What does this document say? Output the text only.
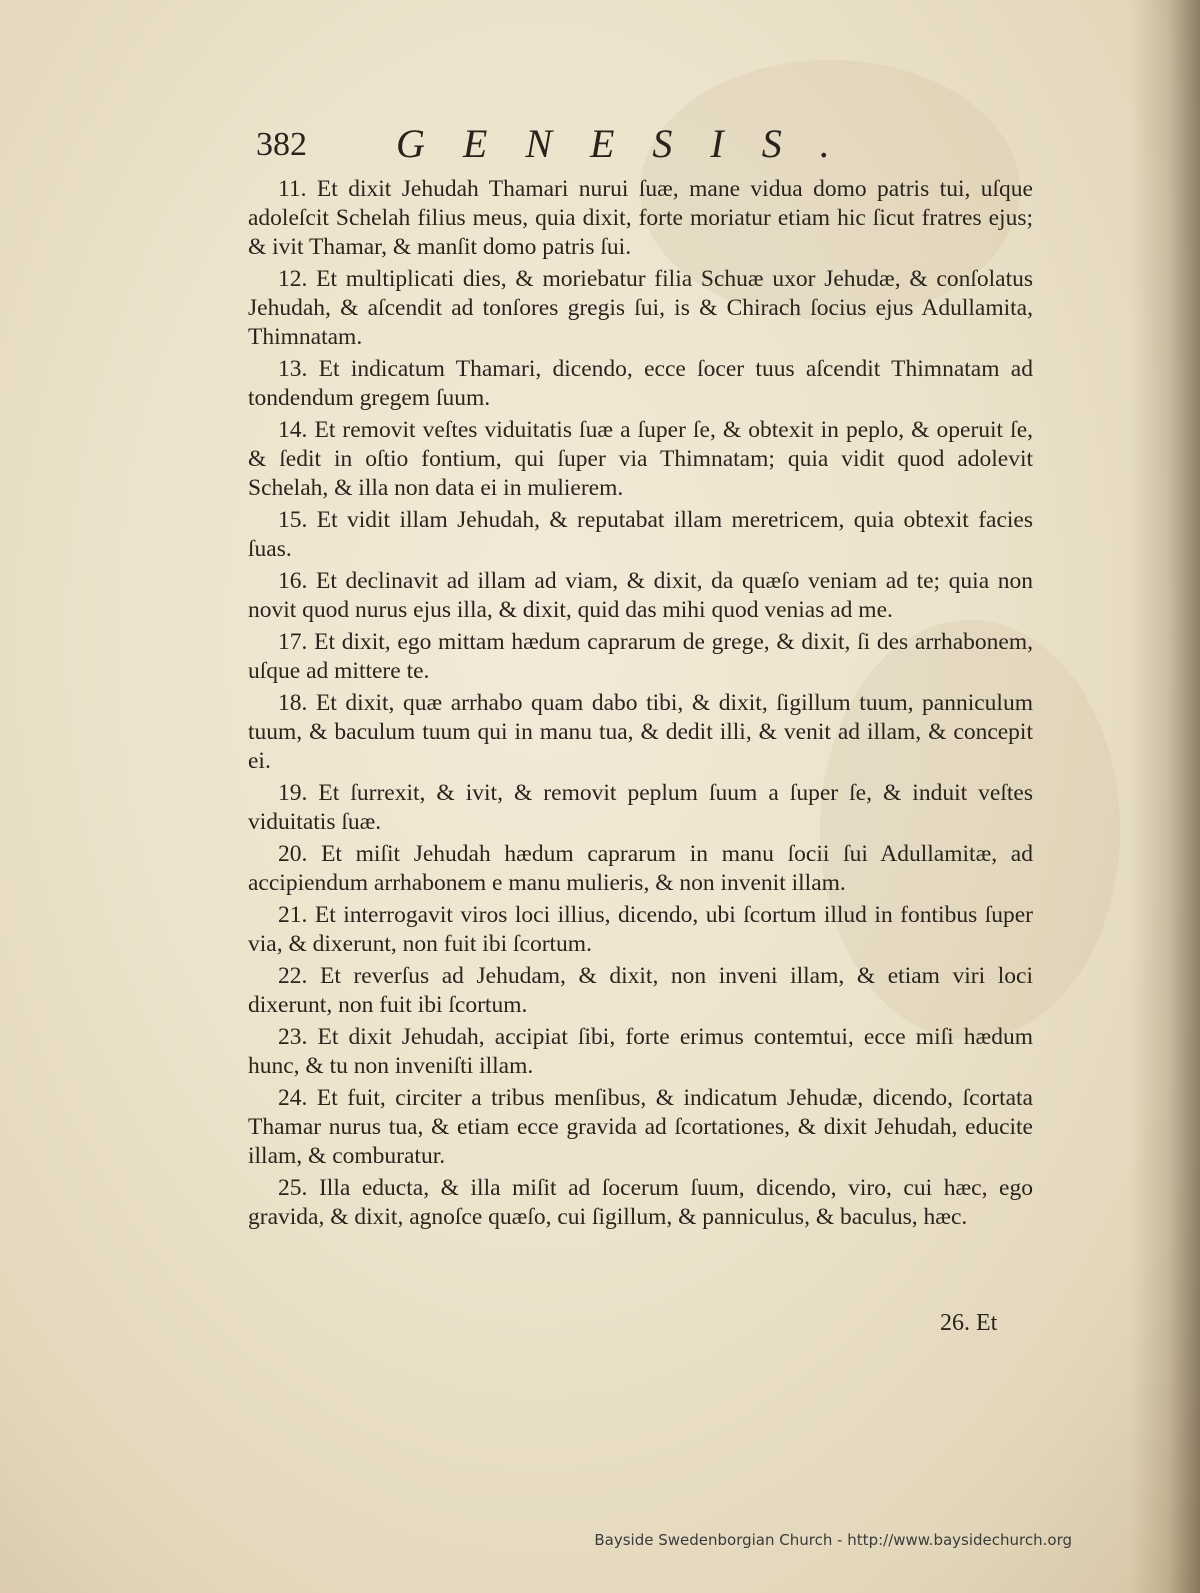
382 GENESIS.

11. Et dixit Jehudah Thamari nurui ſuæ, mane vidua domo patris tui, uſque adoleſcit Schelah filius meus, quia dixit, forte moriatur etiam hic ſicut fratres ejus; & ivit Thamar, & manſit domo patris ſui.

12. Et multiplicati dies, & moriebatur filia Schuæ uxor Jehudæ, & conſolatus Jehudah, & aſcendit ad tonſores gregis ſui, is & Chirach ſocius ejus Adullamita, Thimnatam.

13. Et indicatum Thamari, dicendo, ecce ſocer tuus aſcendit Thimnatam ad tondendum gregem ſuum.

14. Et removit veſtes viduitatis ſuæ a ſuper ſe, & obtexit in peplo, & operuit ſe, & ſedit in oſtio fontium, qui ſuper via Thimnatam; quia vidit quod adolevit Schelah, & illa non data ei in mulierem.

15. Et vidit illam Jehudah, & reputabat illam meretricem, quia obtexit facies ſuas.

16. Et declinavit ad illam ad viam, & dixit, da quæſo veniam ad te; quia non novit quod nurus ejus illa, & dixit, quid das mihi quod venias ad me.

17. Et dixit, ego mittam hædum caprarum de grege, & dixit, ſi des arrhabonem, uſque ad mittere te.

18. Et dixit, quæ arrhabo quam dabo tibi, & dixit, ſigillum tuum, panniculum tuum, & baculum tuum qui in manu tua, & dedit illi, & venit ad illam, & concepit ei.

19. Et ſurrexit, & ivit, & removit peplum ſuum a ſuper ſe, & induit veſtes viduitatis ſuæ.

20. Et miſit Jehudah hædum caprarum in manu ſocii ſui Adullamitæ, ad accipiendum arrhabonem e manu mulieris, & non invenit illam.

21. Et interrogavit viros loci illius, dicendo, ubi ſcortum illud in fontibus ſuper via, & dixerunt, non fuit ibi ſcortum.

22. Et reverſus ad Jehudam, & dixit, non inveni illam, & etiam viri loci dixerunt, non fuit ibi ſcortum.

23. Et dixit Jehudah, accipiat ſibi, forte erimus contemtui, ecce miſi hædum hunc, & tu non inveniſti illam.

24. Et fuit, circiter a tribus menſibus, & indicatum Jehudæ, dicendo, ſcortata Thamar nurus tua, & etiam ecce gravida ad ſcortationes, & dixit Jehudah, educite illam, & comburatur.

25. Illa educta, & illa miſit ad ſocerum ſuum, dicendo, viro, cui hæc, ego gravida, & dixit, agnoſce quæſo, cui ſigillum, & panniculus, & baculus, hæc.

26. Et
Bayside Swedenborgian Church - http://www.baysidechurch.org
